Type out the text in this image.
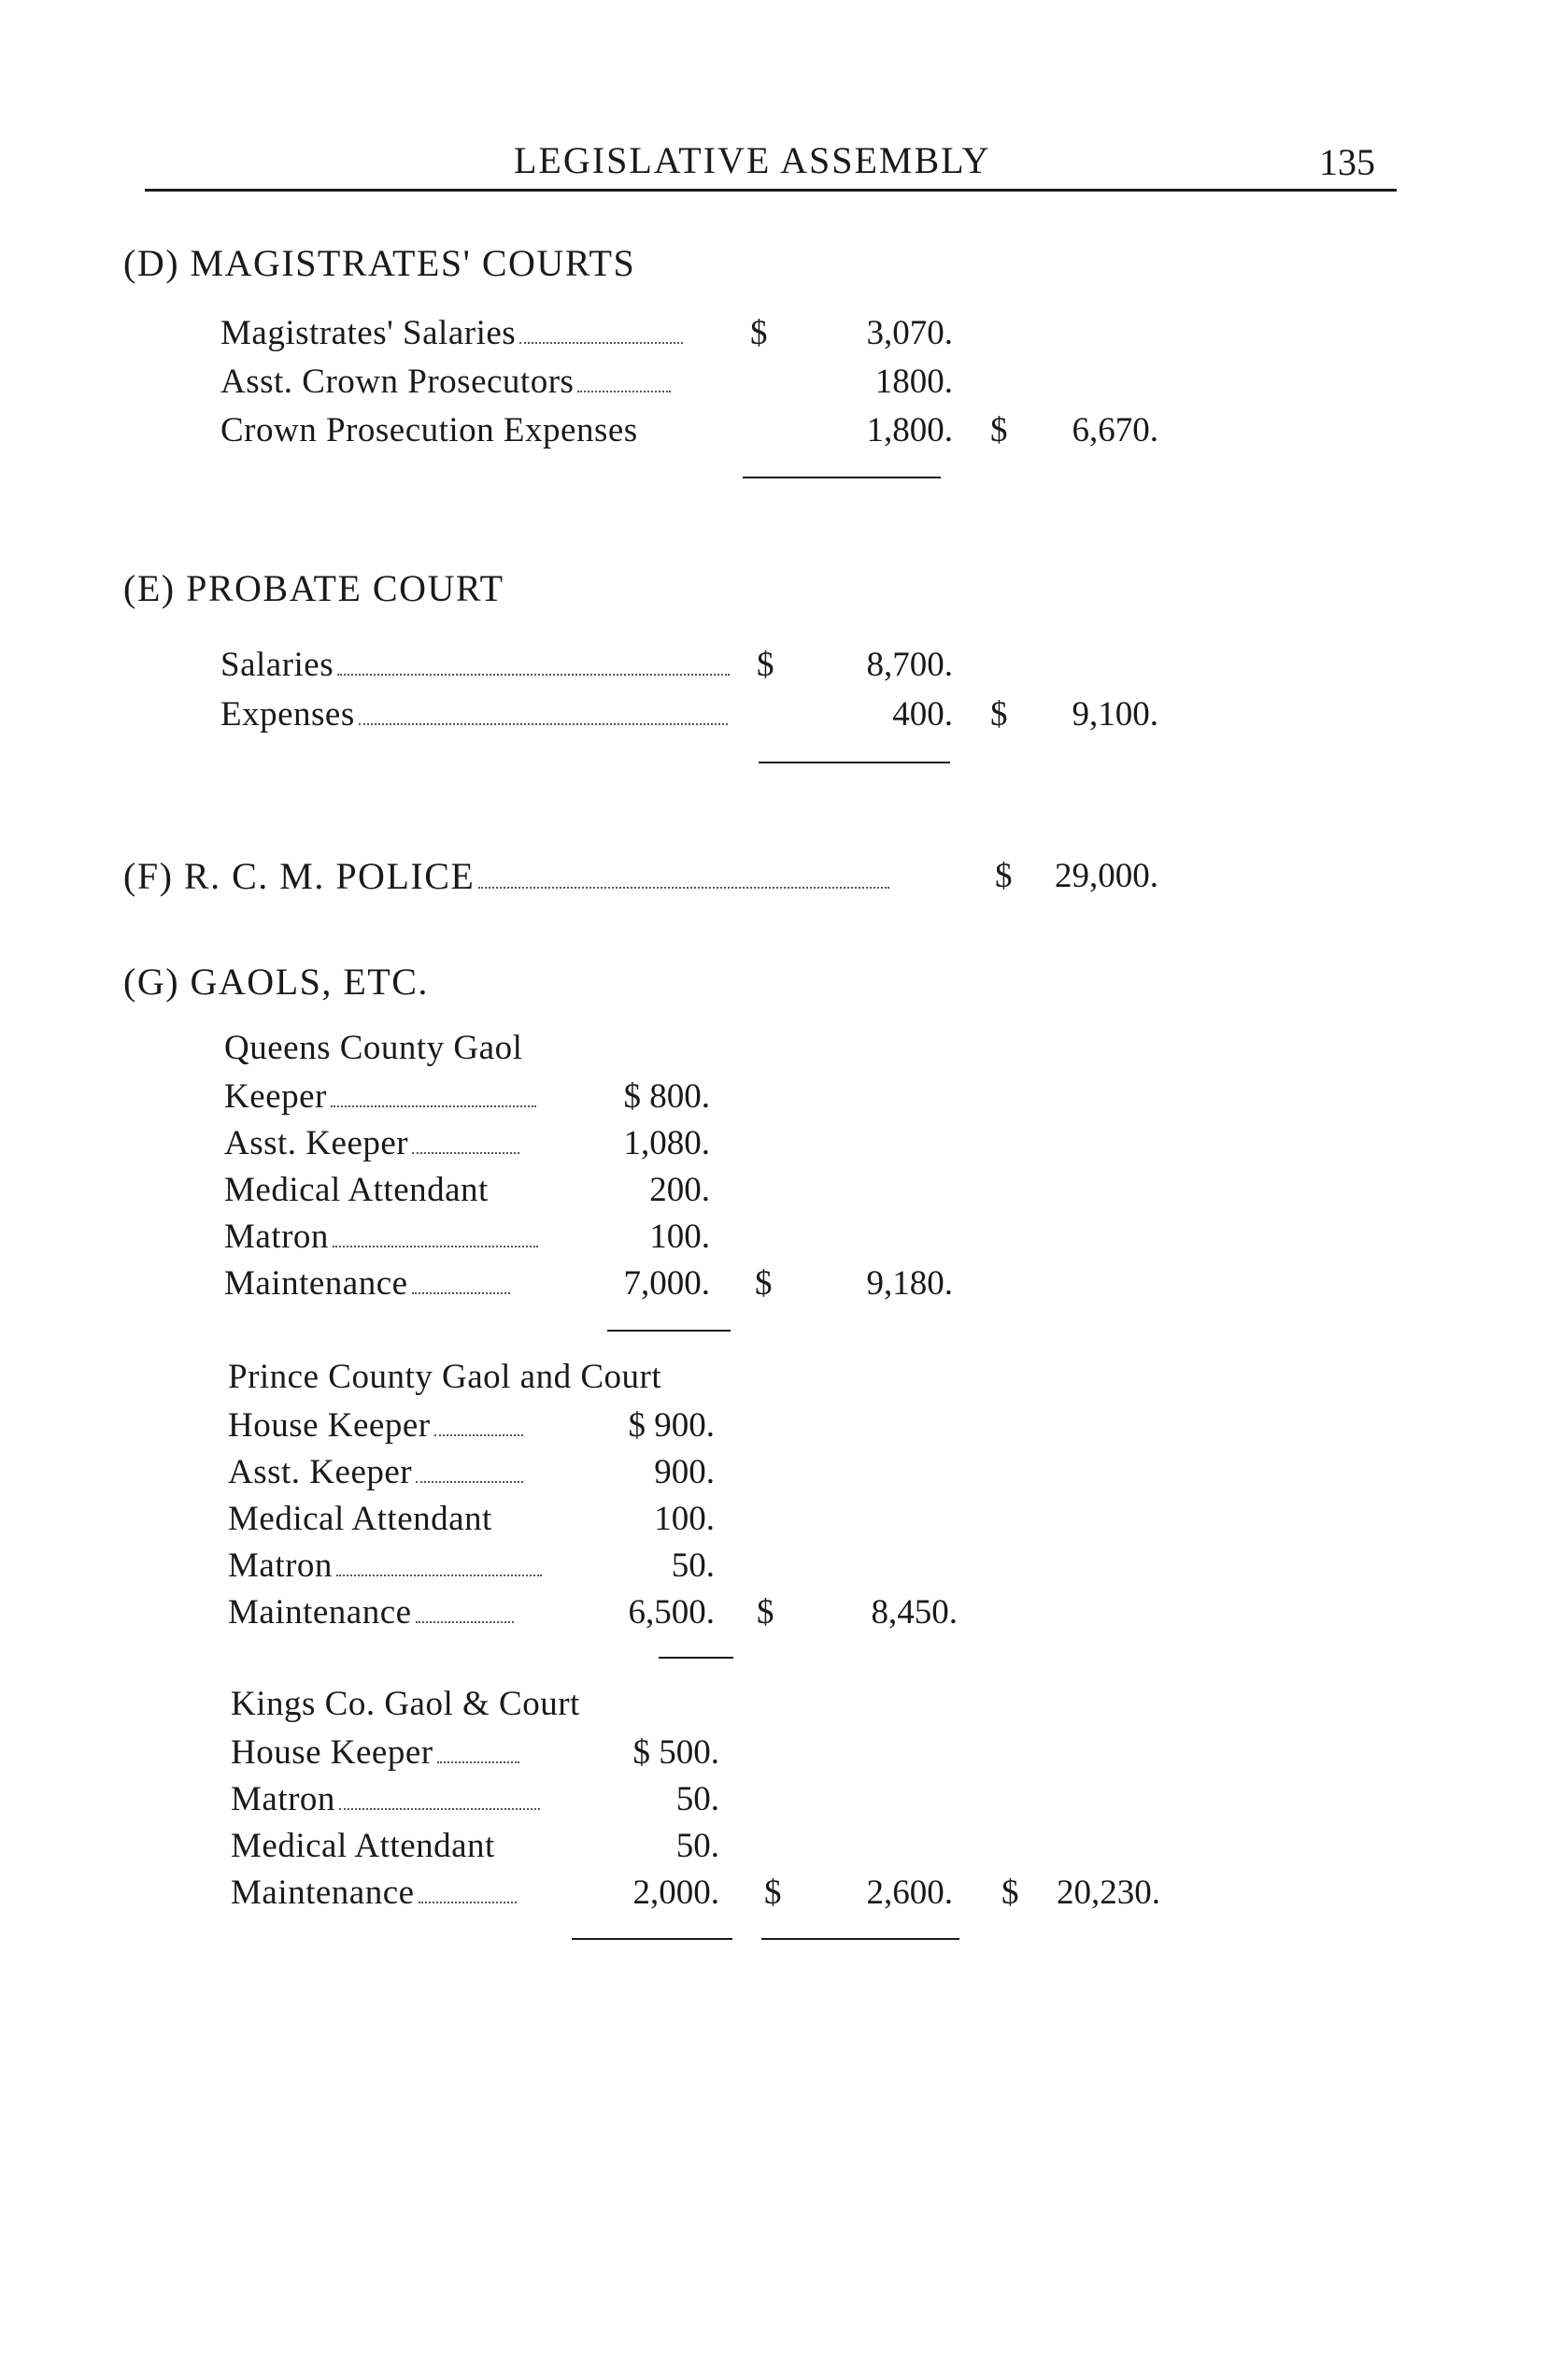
LEGISLATIVE ASSEMBLY	135
(D) MAGISTRATES' COURTS
Magistrates' Salaries	$	3,070.
Asst. Crown Prosecutors	1800.
Crown Prosecution Expenses	1,800. $	6,670.
(E) PROBATE COURT
Salaries	$	8,700.
Expenses	400. $	9,100.
(F) R. C. M. POLICE	$	29,000.
(G) GAOLS, ETC.
Queens County Gaol
Keeper	$ 800.
Asst. Keeper	1,080.
Medical Attendant	200.
Matron	100.
Maintenance	7,000. $	9,180.
Prince County Gaol and Court
House Keeper	$ 900.
Asst. Keeper	900.
Medical Attendant	100.
Matron	50.
Maintenance	6,500. $	8,450.
Kings Co. Gaol & Court
House Keeper	$ 500.
Matron	50.
Medical Attendant	50.
Maintenance	2,000. $	2,600. $	20,230.
